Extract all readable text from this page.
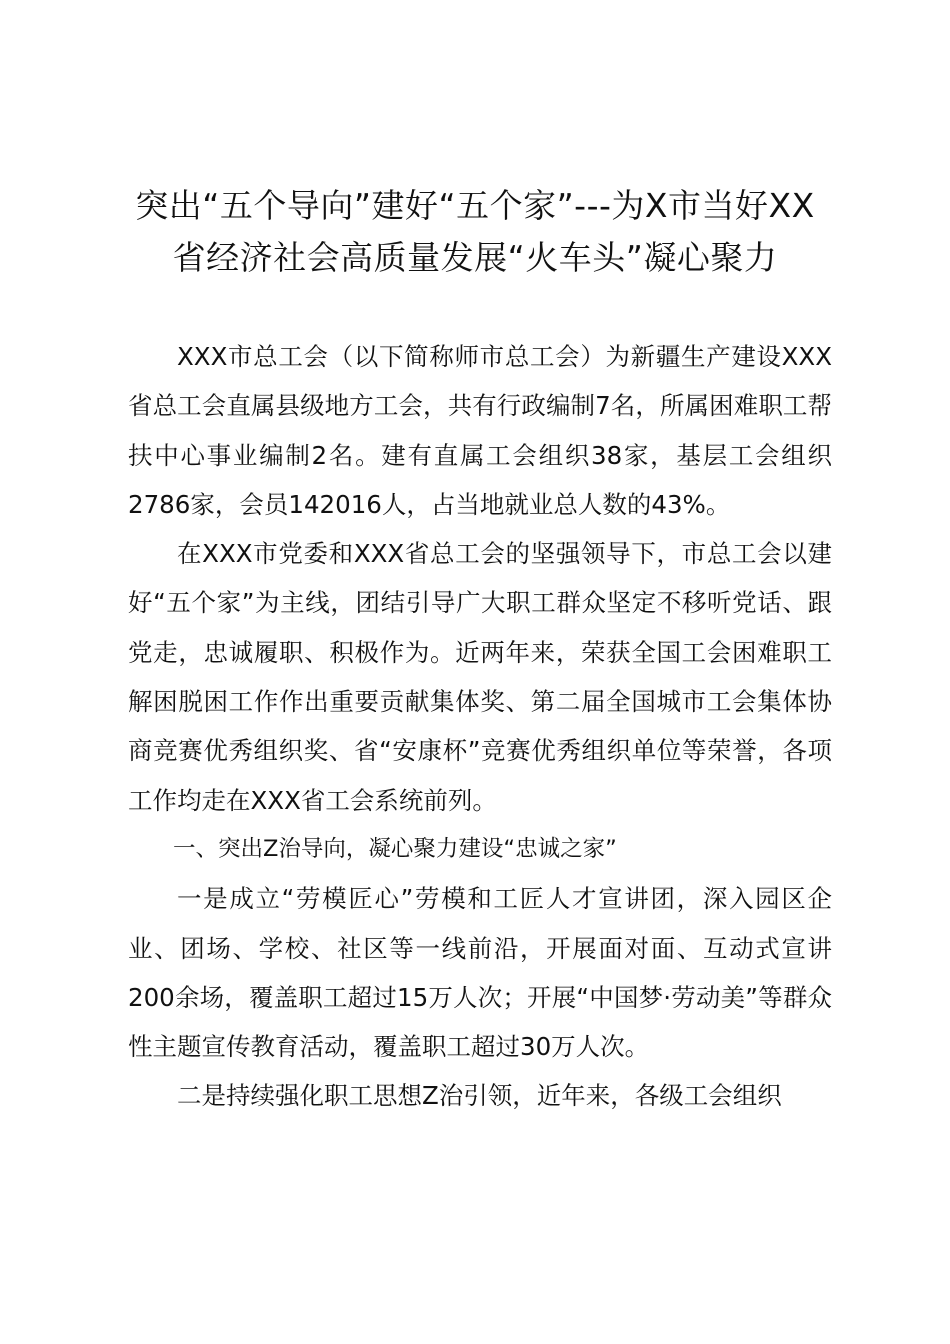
突出“五个导向”建好“五个家”---为X市当好XX省经济社会高质量发展“火车头”凝心聚力

XXX市总工会（以下简称师市总工会）为新疆生产建设XXX省总工会直属县级地方工会，共有行政编制7名，所属困难职工帮扶中心事业编制2名。建有直属工会组织38家，基层工会组织2786家，会员142016人，占当地就业总人数的43%。

在XXX市党委和XXX省总工会的坚强领导下，市总工会以建好“五个家”为主线，团结引导广大职工群众坚定不移听党话、跟党走，忠诚履职、积极作为。近两年来，荣获全国工会困难职工解困脱困工作作出重要贡献集体奖、第二届全国城市工会集体协商竞赛优秀组织奖、省“安康杯”竞赛优秀组织单位等荣誉，各项工作均走在XXX省工会系统前列。

一、突出Z治导向，凝心聚力建设“忠诚之家”

一是成立“劳模匠心”劳模和工匠人才宣讲团，深入园区企业、团场、学校、社区等一线前沿，开展面对面、互动式宣讲200余场，覆盖职工超过15万人次；开展“中国梦·劳动美”等群众性主题宣传教育活动，覆盖职工超过30万人次。

二是持续强化职工思想Z治引领，近年来，各级工会组织
